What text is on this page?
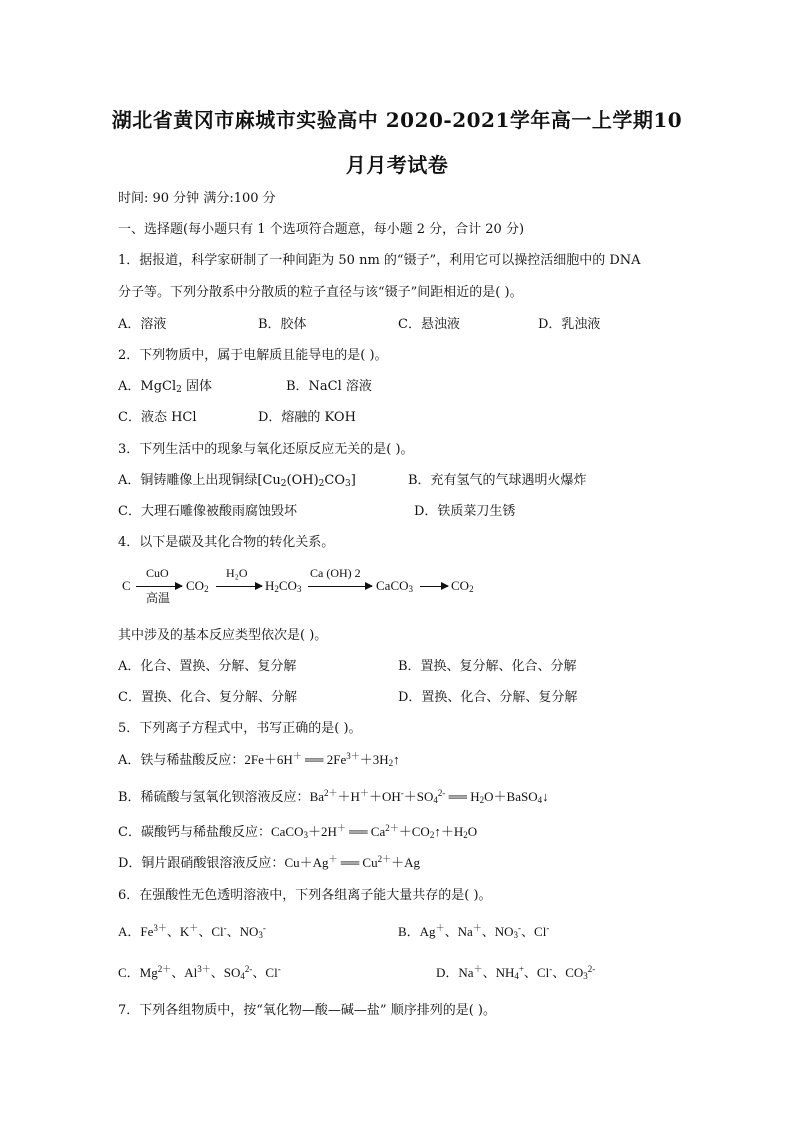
湖北省黄冈市麻城市实验高中 2020-2021学年高一上学期10
月月考试卷
时间: 90 分钟 满分:100 分
一、选择题(每小题只有 1 个选项符合题意，每小题 2 分，合计 20 分)
1．据报道，科学家研制了一种间距为 50 nm 的“镊子”，利用它可以操控活细胞中的 DNA
分子等。下列分散系中分散质的粒子直径与该“镊子”间距相近的是( )。
A．溶液	B．胶体	C．悬浊液	D．乳浊液
2．下列物质中，属于电解质且能导电的是( )。
A．MgCl$_2$ 固体	B．NaCl 溶液
C．液态 HCl	D．熔融的 KOH
3．下列生活中的现象与氧化还原反应无关的是( )。
A．铜铸雕像上出现铜绿$[Cu_2(OH)_2CO_3]$	B．充有氢气的气球遇明火爆炸
C．大理石雕像被酸雨腐蚀毁坏	D．铁质菜刀生锈
4．以下是碳及其化合物的转化关系。
C
CuO
高温
$CO_2$
H₂O
$H_2CO_3$
Ca (OH) 2
CaCO$_3$	$CO_2$
其中涉及的基本反应类型依次是( )。
A．化合、置换、分解、复分解	B．置换、复分解、化合、分解
C．置换、化合、复分解、分解	D．置换、化合、分解、复分解
5．下列离子方程式中，书写正确的是( )。
A．铁与稀盐酸反应：2Fe＋6H＋ ══ $2Fe^{3+}+3H_2↑$
B．稀硫酸与氢氧化钡溶液反应：$Ba^{2+}+H^++OH^-+SO_4^{2-}$ ══ $H_2O+BaSO_4↓$
C．碳酸钙与稀盐酸反应：CaCO$_3$＋2H＋ ══ $Ca^{2+}+CO_2↑+H_2O$
D．铜片跟硝酸银溶液反应：Cu＋Ag＋ ══ $Cu^{2+}+Ag$
6．在强酸性无色透明溶液中，下列各组离子能大量共存的是( )。
A．$Fe^{3+}$、K＋、Cl-、$NO_3^-$	B．Ag＋、Na＋、$NO_3^-$、Cl-
C．$Mg^{2+}$、$Al^{3+}$、$SO_4^{2-}$、Cl-	D．Na＋、$NH_4^+$、Cl-、$CO_3^{2-}$
7．下列各组物质中，按“氧化物—酸—碱—盐” 顺序排列的是( )。
